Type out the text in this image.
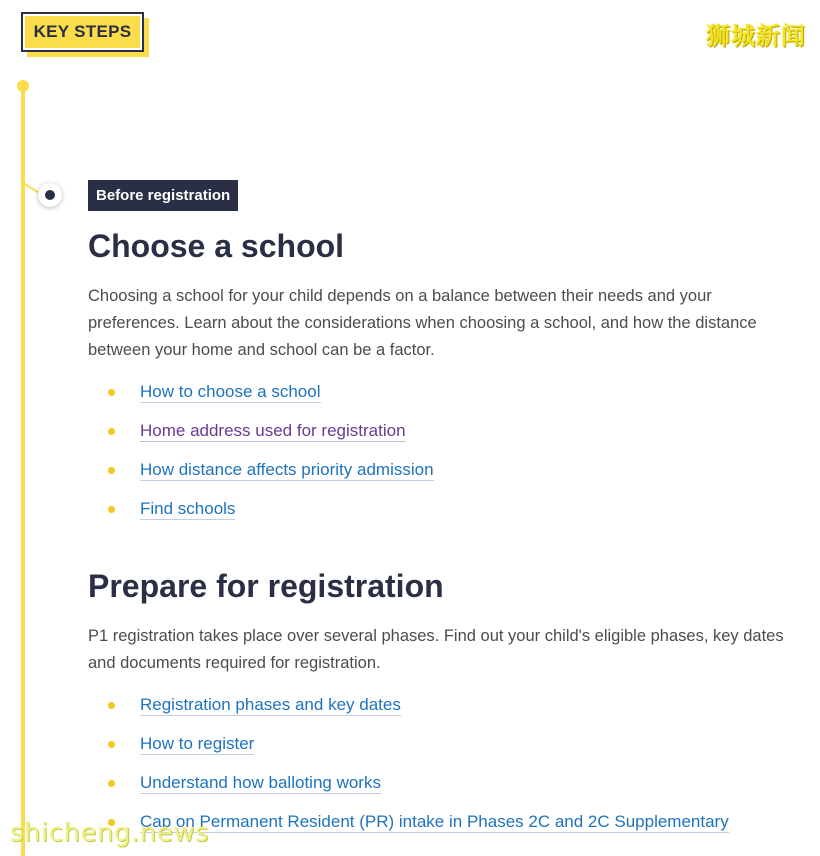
KEY STEPS	狮城新闻
Before registration
Choose a school

Choosing a school for your child depends on a balance between their needs and your preferences. Learn about the considerations when choosing a school, and how the distance between your home and school can be a factor.

How to choose a school
Home address used for registration
How distance affects priority admission
Find schools
Prepare for registration

P1 registration takes place over several phases. Find out your child's eligible phases, key dates and documents required for registration.

Registration phases and key dates
How to register
Understand how balloting works
Cap on Permanent Resident (PR) intake in Phases 2C and 2C Supplementary
shicheng.news
